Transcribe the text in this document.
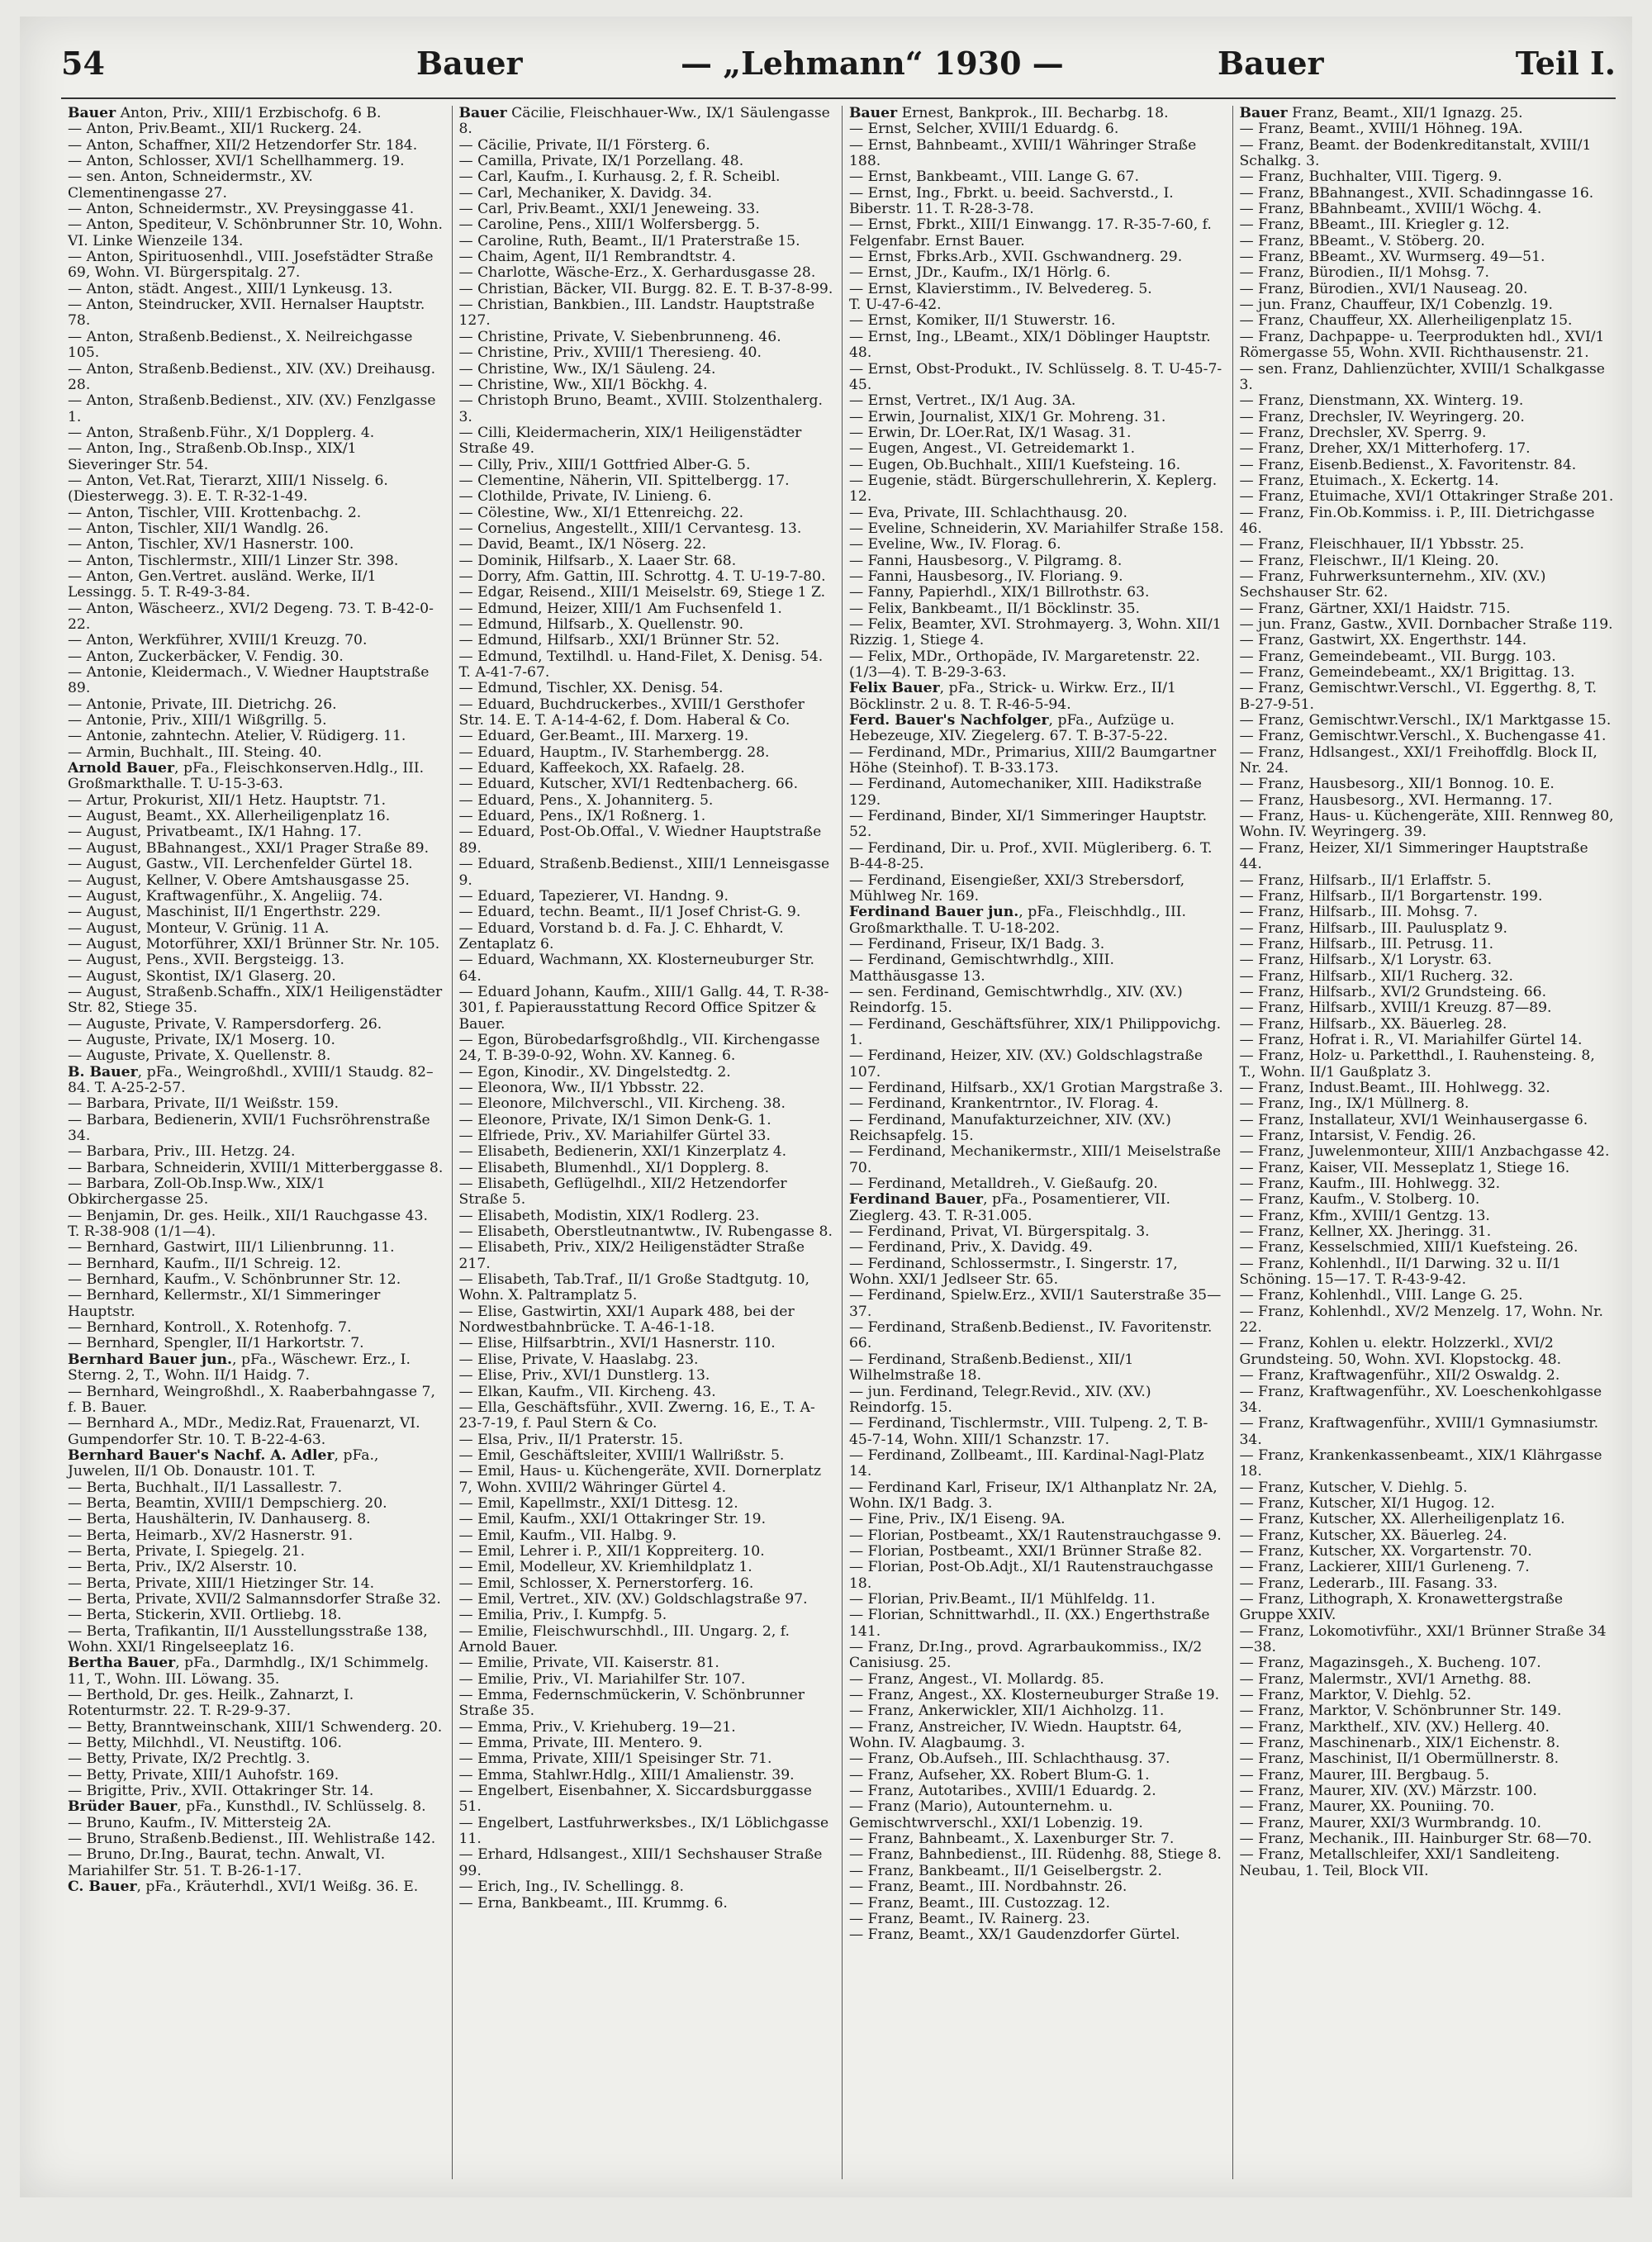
54	Bauer	— „Lehmann“ 1930 —	Bauer	Teil I.
Bauer Anton, Priv., XIII/1 Erzbischofg. 6 B.
— Anton, Priv.Beamt., XII/1 Ruckerg. 24.
— Anton, Schaffner, XII/2 Hetzendorfer Str. 184.
— Anton, Schlosser, XVI/1 Schellhammerg. 19.
— sen. Anton, Schneidermstr., XV. Clementinengasse 27.
— Anton, Schneidermstr., XV. Preysinggasse 41.
— Anton, Spediteur, V. Schönbrunner Str. 10, Wohn. VI. Linke Wienzeile 134.
— Anton, Spirituosenhdl., VIII. Josefstädter Straße 69, Wohn. VI. Bürgerspitalg. 27.
— Anton, städt. Angest., XIII/1 Lynkeusg. 13.
— Anton, Steindrucker, XVII. Hernalser Hauptstr. 78.
— Anton, Straßenb.Bedienst., X. Neilreichgasse 105.
— Anton, Straßenb.Bedienst., XIV. (XV.) Dreihausg. 28.
— Anton, Straßenb.Bedienst., XIV. (XV.) Fenzlgasse 1.
— Anton, Straßenb.Führ., X/1 Dopplerg. 4.
— Anton, Ing., Straßenb.Ob.Insp., XIX/1 Sieveringer Str. 54.
— Anton, Vet.Rat, Tierarzt, XIII/1 Nisselg. 6. (Diesterwegg. 3). E. T. R-32-1-49.
— Anton, Tischler, VIII. Krottenbachg. 2.
— Anton, Tischler, XII/1 Wandlg. 26.
— Anton, Tischler, XV/1 Hasnerstr. 100.
— Anton, Tischlermstr., XIII/1 Linzer Str. 398.
— Anton, Gen.Vertret. ausländ. Werke, II/1 Lessingg. 5. T. R-49-3-84.
— Anton, Wäscheerz., XVI/2 Degeng. 73. T. B-42-0-22.
— Anton, Werkführer, XVIII/1 Kreuzg. 70.
— Anton, Zuckerbäcker, V. Fendig. 30.
— Antonie, Kleidermach., V. Wiedner Hauptstraße 89.
— Antonie, Private, III. Dietrichg. 26.
— Antonie, Priv., XIII/1 Wißgrillg. 5.
— Antonie, zahntechn. Atelier, V. Rüdigerg. 11.
— Armin, Buchhalt., III. Steing. 40.
Arnold Bauer, pFa., Fleischkonserven.Hdlg., III. Großmarkthalle. T. U-15-3-63.
— Artur, Prokurist, XII/1 Hetz. Hauptstr. 71.
— August, Beamt., XX. Allerheiligenplatz 16.
— August, Privatbeamt., IX/1 Hahng. 17.
— August, BBahnangest., XXI/1 Prager Straße 89.
— August, Gastw., VII. Lerchenfelder Gürtel 18.
— August, Kellner, V. Obere Amtshausgasse 25.
— August, Kraftwagenführ., X. Angeliig. 74.
— August, Maschinist, II/1 Engerthstr. 229.
— August, Monteur, V. Grünig. 11 A.
— August, Motorführer, XXI/1 Brünner Str. Nr. 105.
— August, Pens., XVII. Bergsteigg. 13.
— August, Skontist, IX/1 Glaserg. 20.
— August, Straßenb.Schaffn., XIX/1 Heiligenstädter Str. 82, Stiege 35.
— Auguste, Private, V. Rampersdorferg. 26.
— Auguste, Private, IX/1 Moserg. 10.
— Auguste, Private, X. Quellenstr. 8.
B. Bauer, pFa., Weingroßhdl., XVIII/1 Staudg. 82–84. T. A-25-2-57.
— Barbara, Private, II/1 Weißstr. 159.
— Barbara, Bedienerin, XVII/1 Fuchsröhrenstraße 34.
— Barbara, Priv., III. Hetzg. 24.
— Barbara, Schneiderin, XVIII/1 Mitterberggasse 8.
— Barbara, Zoll-Ob.Insp.Ww., XIX/1 Obkirchergasse 25.
— Benjamin, Dr. ges. Heilk., XII/1 Rauchgasse 43. T. R-38-908 (1/1—4).
— Bernhard, Gastwirt, III/1 Lilienbrunng. 11.
— Bernhard, Kaufm., II/1 Schreig. 12.
— Bernhard, Kaufm., V. Schönbrunner Str. 12.
— Bernhard, Kellermstr., XI/1 Simmeringer Hauptstr.
— Bernhard, Kontroll., X. Rotenhofg. 7.
— Bernhard, Spengler, II/1 Harkortstr. 7.
Bernhard Bauer jun., pFa., Wäschewr. Erz., I. Sterng. 2, T., Wohn. II/1 Haidg. 7.
— Bernhard, Weingroßhdl., X. Raaberbahngasse 7, f. B. Bauer.
— Bernhard A., MDr., Mediz.Rat, Frauenarzt, VI. Gumpendorfer Str. 10. T. B-22-4-63.
Bernhard Bauer's Nachf. A. Adler, pFa., Juwelen, II/1 Ob. Donaustr. 101. T.
— Berta, Buchhalt., II/1 Lassallestr. 7.
— Berta, Beamtin, XVIII/1 Dempschierg. 20.
— Berta, Haushälterin, IV. Danhauserg. 8.
— Berta, Heimarb., XV/2 Hasnerstr. 91.
— Berta, Private, I. Spiegelg. 21.
— Berta, Priv., IX/2 Alserstr. 10.
— Berta, Private, XIII/1 Hietzinger Str. 14.
— Berta, Private, XVII/2 Salmannsdorfer Straße 32.
— Berta, Stickerin, XVII. Ortliebg. 18.
— Berta, Trafikantin, II/1 Ausstellungsstraße 138, Wohn. XXI/1 Ringelseeplatz 16.
Bertha Bauer, pFa., Darmhdlg., IX/1 Schimmelg. 11, T., Wohn. III. Löwang. 35.
— Berthold, Dr. ges. Heilk., Zahnarzt, I. Rotenturmstr. 22. T. R-29-9-37.
— Betty, Branntweinschank, XIII/1 Schwenderg. 20.
— Betty, Milchhdl., VI. Neustiftg. 106.
— Betty, Private, IX/2 Prechtlg. 3.
— Betty, Private, XIII/1 Auhofstr. 169.
— Brigitte, Priv., XVII. Ottakringer Str. 14.
Brüder Bauer, pFa., Kunsthdl., IV. Schlüsselg. 8.
— Bruno, Kaufm., IV. Mittersteig 2A.
— Bruno, Straßenb.Bedienst., III. Wehlistraße 142.
— Bruno, Dr.Ing., Baurat, techn. Anwalt, VI. Mariahilfer Str. 51. T. B-26-1-17.
C. Bauer, pFa., Kräuterhdl., XVI/1 Weißg. 36. E.
Bauer Cäcilie, Fleischhauer-Ww., IX/1 Säulengasse 8.
— Cäcilie, Private, II/1 Försterg. 6.
— Camilla, Private, IX/1 Porzellang. 48.
— Carl, Kaufm., I. Kurhausg. 2, f. R. Scheibl.
— Carl, Mechaniker, X. Davidg. 34.
— Carl, Priv.Beamt., XXI/1 Jeneweing. 33.
— Caroline, Pens., XIII/1 Wolfersbergg. 5.
— Caroline, Ruth, Beamt., II/1 Praterstraße 15.
— Chaim, Agent, II/1 Rembrandtstr. 4.
— Charlotte, Wäsche-Erz., X. Gerhardusgasse 28.
— Christian, Bäcker, VII. Burgg. 82. E. T. B-37-8-99.
— Christian, Bankbien., III. Landstr. Hauptstraße 127.
— Christine, Private, V. Siebenbrunneng. 46.
— Christine, Priv., XVIII/1 Theresieng. 40.
— Christine, Ww., IX/1 Säuleng. 24.
— Christine, Ww., XII/1 Böckhg. 4.
— Christoph Bruno, Beamt., XVIII. Stolzenthalerg. 3.
— Cilli, Kleidermacherin, XIX/1 Heiligenstädter Straße 49.
— Cilly, Priv., XIII/1 Gottfried Alber-G. 5.
— Clementine, Näherin, VII. Spittelbergg. 17.
— Clothilde, Private, IV. Linieng. 6.
— Cölestine, Ww., XI/1 Ettenreichg. 22.
— Cornelius, Angestellt., XIII/1 Cervantesg. 13.
— David, Beamt., IX/1 Nöserg. 22.
— Dominik, Hilfsarb., X. Laaer Str. 68.
— Dorry, Afm. Gattin, III. Schrottg. 4. T. U-19-7-80.
— Edgar, Reisend., XIII/1 Meiselstr. 69, Stiege 1 Z.
— Edmund, Heizer, XIII/1 Am Fuchsenfeld 1.
— Edmund, Hilfsarb., X. Quellenstr. 90.
— Edmund, Hilfsarb., XXI/1 Brünner Str. 52.
— Edmund, Textilhdl. u. Hand-Filet, X. Denisg. 54. T. A-41-7-67.
— Edmund, Tischler, XX. Denisg. 54.
— Eduard, Buchdruckerbes., XVIII/1 Gersthofer Str. 14. E. T. A-14-4-62, f. Dom. Haberal & Co.
— Eduard, Ger.Beamt., III. Marxerg. 19.
— Eduard, Hauptm., IV. Starhembergg. 28.
— Eduard, Kaffeekoch, XX. Rafaelg. 28.
— Eduard, Kutscher, XVI/1 Redtenbacherg. 66.
— Eduard, Pens., X. Johanniterg. 5.
— Eduard, Pens., IX/1 Roßnerg. 1.
— Eduard, Post-Ob.Offal., V. Wiedner Hauptstraße 89.
— Eduard, Straßenb.Bedienst., XIII/1 Lenneisgasse 9.
— Eduard, Tapezierer, VI. Handng. 9.
— Eduard, techn. Beamt., II/1 Josef Christ-G. 9.
— Eduard, Vorstand b. d. Fa. J. C. Ehhardt, V. Zentaplatz 6.
— Eduard, Wachmann, XX. Klosterneuburger Str. 64.
— Eduard Johann, Kaufm., XIII/1 Gallg. 44, T. R-38-301, f. Papierausstattung Record Office Spitzer & Bauer.
— Egon, Bürobedarfsgroßhdlg., VII. Kirchengasse 24, T. B-39-0-92, Wohn. XV. Kanneg. 6.
— Egon, Kinodir., XV. Dingelstedtg. 2.
— Eleonora, Ww., II/1 Ybbsstr. 22.
— Eleonore, Milchverschl., VII. Kircheng. 38.
— Eleonore, Private, IX/1 Simon Denk-G. 1.
— Elfriede, Priv., XV. Mariahilfer Gürtel 33.
— Elisabeth, Bedienerin, XXI/1 Kinzerplatz 4.
— Elisabeth, Blumenhdl., XI/1 Dopplerg. 8.
— Elisabeth, Geflügelhdl., XII/2 Hetzendorfer Straße 5.
— Elisabeth, Modistin, XIX/1 Rodlerg. 23.
— Elisabeth, Oberstleutnantwtw., IV. Rubengasse 8.
— Elisabeth, Priv., XIX/2 Heiligenstädter Straße 217.
— Elisabeth, Tab.Traf., II/1 Große Stadtgutg. 10, Wohn. X. Paltramplatz 5.
— Elise, Gastwirtin, XXI/1 Aupark 488, bei der Nordwestbahnbrücke. T. A-46-1-18.
— Elise, Hilfsarbtrin., XVI/1 Hasnerstr. 110.
— Elise, Private, V. Haaslabg. 23.
— Elise, Priv., XVI/1 Dunstlerg. 13.
— Elkan, Kaufm., VII. Kircheng. 43.
— Ella, Geschäftsführ., XVII. Zwerng. 16, E., T. A-23-7-19, f. Paul Stern & Co.
— Elsa, Priv., II/1 Praterstr. 15.
— Emil, Geschäftsleiter, XVIII/1 Wallrißstr. 5.
— Emil, Haus- u. Küchengeräte, XVII. Dornerplatz 7, Wohn. XVIII/2 Währinger Gürtel 4.
— Emil, Kapellmstr., XXI/1 Dittesg. 12.
— Emil, Kaufm., XXI/1 Ottakringer Str. 19.
— Emil, Kaufm., VII. Halbg. 9.
— Emil, Lehrer i. P., XII/1 Koppreiterg. 10.
— Emil, Modelleur, XV. Kriemhildplatz 1.
— Emil, Schlosser, X. Pernerstorferg. 16.
— Emil, Vertret., XIV. (XV.) Goldschlagstraße 97.
— Emilia, Priv., I. Kumpfg. 5.
— Emilie, Fleischwurschhdl., III. Ungarg. 2, f. Arnold Bauer.
— Emilie, Private, VII. Kaiserstr. 81.
— Emilie, Priv., VI. Mariahilfer Str. 107.
— Emma, Federnschmückerin, V. Schönbrunner Straße 35.
— Emma, Priv., V. Kriehuberg. 19—21.
— Emma, Private, III. Mentero. 9.
— Emma, Private, XIII/1 Speisinger Str. 71.
— Emma, Stahlwr.Hdlg., XIII/1 Amalienstr. 39.
— Engelbert, Eisenbahner, X. Siccardsburggasse 51.
— Engelbert, Lastfuhrwerksbes., IX/1 Löblichgasse 11.
— Erhard, Hdlsangest., XIII/1 Sechshauser Straße 99.
— Erich, Ing., IV. Schellingg. 8.
— Erna, Bankbeamt., III. Krummg. 6.
Bauer Ernest, Bankprok., III. Becharbg. 18.
— Ernst, Selcher, XVIII/1 Eduardg. 6.
— Ernst, Bahnbeamt., XVIII/1 Währinger Straße 188.
— Ernst, Bankbeamt., VIII. Lange G. 67.
— Ernst, Ing., Fbrkt. u. beeid. Sachverstd., I. Biberstr. 11. T. R-28-3-78.
— Ernst, Fbrkt., XIII/1 Einwangg. 17. R-35-7-60, f. Felgenfabr. Ernst Bauer.
— Ernst, Fbrks.Arb., XVII. Gschwandnerg. 29.
— Ernst, JDr., Kaufm., IX/1 Hörlg. 6.
— Ernst, Klavierstimm., IV. Belvedereg. 5.
T. U-47-6-42.
— Ernst, Komiker, II/1 Stuwerstr. 16.
— Ernst, Ing., LBeamt., XIX/1 Döblinger Hauptstr. 48.
— Ernst, Obst-Produkt., IV. Schlüsselg. 8. T. U-45-7-45.
— Ernst, Vertret., IX/1 Aug. 3A.
— Erwin, Journalist, XIX/1 Gr. Mohreng. 31.
— Erwin, Dr. LOer.Rat, IX/1 Wasag. 31.
— Eugen, Angest., VI. Getreidemarkt 1.
— Eugen, Ob.Buchhalt., XIII/1 Kuefsteing. 16.
— Eugenie, städt. Bürgerschullehrerin, X. Keplerg. 12.
— Eva, Private, III. Schlachthausg. 20.
— Eveline, Schneiderin, XV. Mariahilfer Straße 158.
— Eveline, Ww., IV. Florag. 6.
— Fanni, Hausbesorg., V. Pilgramg. 8.
— Fanni, Hausbesorg., IV. Floriang. 9.
— Fanny, Papierhdl., XIX/1 Billrothstr. 63.
— Felix, Bankbeamt., II/1 Böcklinstr. 35.
— Felix, Beamter, XVI. Strohmayerg. 3, Wohn. XII/1 Rizzig. 1, Stiege 4.
— Felix, MDr., Orthopäde, IV. Margaretenstr. 22. (1/3—4). T. B-29-3-63.
Felix Bauer, pFa., Strick- u. Wirkw. Erz., II/1 Böcklinstr. 2 u. 8. T. R-46-5-94.
Ferd. Bauer's Nachfolger, pFa., Aufzüge u. Hebezeuge, XIV. Ziegelerg. 67. T. B-37-5-22.
— Ferdinand, MDr., Primarius, XIII/2 Baumgartner Höhe (Steinhof). T. B-33.173.
— Ferdinand, Automechaniker, XIII. Hadikstraße 129.
— Ferdinand, Binder, XI/1 Simmeringer Hauptstr. 52.
— Ferdinand, Dir. u. Prof., XVII. Mügleriberg. 6. T. B-44-8-25.
— Ferdinand, Eisengießer, XXI/3 Strebersdorf, Mühlweg Nr. 169.
Ferdinand Bauer jun., pFa., Fleischhdlg., III. Großmarkthalle. T. U-18-202.
— Ferdinand, Friseur, IX/1 Badg. 3.
— Ferdinand, Gemischtwrhdlg., XIII. Matthäusgasse 13.
— sen. Ferdinand, Gemischtwrhdlg., XIV. (XV.) Reindorfg. 15.
— Ferdinand, Geschäftsführer, XIX/1 Philippovichg. 1.
— Ferdinand, Heizer, XIV. (XV.) Goldschlagstraße 107.
— Ferdinand, Hilfsarb., XX/1 Grotian Margstraße 3.
— Ferdinand, Krankentrntor., IV. Florag. 4.
— Ferdinand, Manufakturzeichner, XIV. (XV.) Reichsapfelg. 15.
— Ferdinand, Mechanikermstr., XIII/1 Meiselstraße 70.
— Ferdinand, Metalldreh., V. Gießaufg. 20.
Ferdinand Bauer, pFa., Posamentierer, VII. Zieglerg. 43. T. R-31.005.
— Ferdinand, Privat, VI. Bürgerspitalg. 3.
— Ferdinand, Priv., X. Davidg. 49.
— Ferdinand, Schlossermstr., I. Singerstr. 17, Wohn. XXI/1 Jedlseer Str. 65.
— Ferdinand, Spielw.Erz., XVII/1 Sauterstraße 35—37.
— Ferdinand, Straßenb.Bedienst., IV. Favoritenstr. 66.
— Ferdinand, Straßenb.Bedienst., XII/1 Wilhelmstraße 18.
— jun. Ferdinand, Telegr.Revid., XIV. (XV.) Reindorfg. 15.
— Ferdinand, Tischlermstr., VIII. Tulpeng. 2, T. B-45-7-14, Wohn. XIII/1 Schanzstr. 17.
— Ferdinand, Zollbeamt., III. Kardinal-Nagl-Platz 14.
— Ferdinand Karl, Friseur, IX/1 Althanplatz Nr. 2A, Wohn. IX/1 Badg. 3.
— Fine, Priv., IX/1 Eiseng. 9A.
— Florian, Postbeamt., XX/1 Rautenstrauchgasse 9.
— Florian, Postbeamt., XXI/1 Brünner Straße 82.
— Florian, Post-Ob.Adjt., XI/1 Rautenstrauchgasse 18.
— Florian, Priv.Beamt., II/1 Mühlfeldg. 11.
— Florian, Schnittwarhdl., II. (XX.) Engerthstraße 141.
— Franz, Dr.Ing., provd. Agrarbaukommiss., IX/2 Canisiusg. 25.
— Franz, Angest., VI. Mollardg. 85.
— Franz, Angest., XX. Klosterneuburger Straße 19.
— Franz, Ankerwickler, XII/1 Aichholzg. 11.
— Franz, Anstreicher, IV. Wiedn. Hauptstr. 64, Wohn. IV. Alagbaumg. 3.
— Franz, Ob.Aufseh., III. Schlachthausg. 37.
— Franz, Aufseher, XX. Robert Blum-G. 1.
— Franz, Autotaribes., XVIII/1 Eduardg. 2.
— Franz (Mario), Autounternehm. u. Gemischtwrverschl., XXI/1 Lobenzig. 19.
— Franz, Bahnbeamt., X. Laxenburger Str. 7.
— Franz, Bahnbedienst., III. Rüdenhg. 88, Stiege 8.
— Franz, Bankbeamt., II/1 Geiselbergstr. 2.
— Franz, Beamt., III. Nordbahnstr. 26.
— Franz, Beamt., III. Custozzag. 12.
— Franz, Beamt., IV. Rainerg. 23.
— Franz, Beamt., XX/1 Gaudenzdorfer Gürtel.
Bauer Franz, Beamt., XII/1 Ignazg. 25.
— Franz, Beamt., XVIII/1 Höhneg. 19A.
— Franz, Beamt. der Bodenkreditanstalt, XVIII/1 Schalkg. 3.
— Franz, Buchhalter, VIII. Tigerg. 9.
— Franz, BBahnangest., XVII. Schadinngasse 16.
— Franz, BBahnbeamt., XVIII/1 Wöchg. 4.
— Franz, BBeamt., III. Kriegler g. 12.
— Franz, BBeamt., V. Stöberg. 20.
— Franz, BBeamt., XV. Wurmserg. 49—51.
— Franz, Bürodien., II/1 Mohsg. 7.
— Franz, Bürodien., XVI/1 Nauseag. 20.
— jun. Franz, Chauffeur, IX/1 Cobenzlg. 19.
— Franz, Chauffeur, XX. Allerheiligenplatz 15.
— Franz, Dachpappe- u. Teerprodukten hdl., XVI/1 Römergasse 55, Wohn. XVII. Richthausenstr. 21.
— sen. Franz, Dahlienzüchter, XVIII/1 Schalkgasse 3.
— Franz, Dienstmann, XX. Winterg. 19.
— Franz, Drechsler, IV. Weyringerg. 20.
— Franz, Drechsler, XV. Sperrg. 9.
— Franz, Dreher, XX/1 Mitterhoferg. 17.
— Franz, Eisenb.Bedienst., X. Favoritenstr. 84.
— Franz, Etuimach., X. Eckertg. 14.
— Franz, Etuimache, XVI/1 Ottakringer Straße 201.
— Franz, Fin.Ob.Kommiss. i. P., III. Dietrichgasse 46.
— Franz, Fleischhauer, II/1 Ybbsstr. 25.
— Franz, Fleischwr., II/1 Kleing. 20.
— Franz, Fuhrwerksunternehm., XIV. (XV.) Sechshauser Str. 62.
— Franz, Gärtner, XXI/1 Haidstr. 715.
— jun. Franz, Gastw., XVII. Dornbacher Straße 119.
— Franz, Gastwirt, XX. Engerthstr. 144.
— Franz, Gemeindebeamt., VII. Burgg. 103.
— Franz, Gemeindebeamt., XX/1 Brigittag. 13.
— Franz, Gemischtwr.Verschl., VI. Eggerthg. 8, T. B-27-9-51.
— Franz, Gemischtwr.Verschl., IX/1 Marktgasse 15.
— Franz, Gemischtwr.Verschl., X. Buchengasse 41.
— Franz, Hdlsangest., XXI/1 Freihoffdlg. Block II, Nr. 24.
— Franz, Hausbesorg., XII/1 Bonnog. 10. E.
— Franz, Hausbesorg., XVI. Hermanng. 17.
— Franz, Haus- u. Küchengeräte, XIII. Rennweg 80, Wohn. IV. Weyringerg. 39.
— Franz, Heizer, XI/1 Simmeringer Hauptstraße 44.
— Franz, Hilfsarb., II/1 Erlaffstr. 5.
— Franz, Hilfsarb., II/1 Borgartenstr. 199.
— Franz, Hilfsarb., III. Mohsg. 7.
— Franz, Hilfsarb., III. Paulusplatz 9.
— Franz, Hilfsarb., III. Petrusg. 11.
— Franz, Hilfsarb., X/1 Lorystr. 63.
— Franz, Hilfsarb., XII/1 Rucherg. 32.
— Franz, Hilfsarb., XVI/2 Grundsteing. 66.
— Franz, Hilfsarb., XVIII/1 Kreuzg. 87—89.
— Franz, Hilfsarb., XX. Bäuerleg. 28.
— Franz, Hofrat i. R., VI. Mariahilfer Gürtel 14.
— Franz, Holz- u. Parketthdl., I. Rauhensteing. 8, T., Wohn. II/1 Gaußplatz 3.
— Franz, Indust.Beamt., III. Hohlwegg. 32.
— Franz, Ing., IX/1 Müllnerg. 8.
— Franz, Installateur, XVI/1 Weinhausergasse 6.
— Franz, Intarsist, V. Fendig. 26.
— Franz, Juwelenmonteur, XIII/1 Anzbachgasse 42.
— Franz, Kaiser, VII. Messeplatz 1, Stiege 16.
— Franz, Kaufm., III. Hohlwegg. 32.
— Franz, Kaufm., V. Stolberg. 10.
— Franz, Kfm., XVIII/1 Gentzg. 13.
— Franz, Kellner, XX. Jheringg. 31.
— Franz, Kesselschmied, XIII/1 Kuefsteing. 26.
— Franz, Kohlenhdl., II/1 Darwing. 32 u. II/1 Schöning. 15—17. T. R-43-9-42.
— Franz, Kohlenhdl., VIII. Lange G. 25.
— Franz, Kohlenhdl., XV/2 Menzelg. 17, Wohn. Nr. 22.
— Franz, Kohlen u. elektr. Holzzerkl., XVI/2 Grundsteing. 50, Wohn. XVI. Klopstockg. 48.
— Franz, Kraftwagenführ., XII/2 Oswaldg. 2.
— Franz, Kraftwagenführ., XV. Loeschenkohlgasse 34.
— Franz, Kraftwagenführ., XVIII/1 Gymnasiumstr. 34.
— Franz, Krankenkassenbeamt., XIX/1 Klährgasse 18.
— Franz, Kutscher, V. Diehlg. 5.
— Franz, Kutscher, XI/1 Hugog. 12.
— Franz, Kutscher, XX. Allerheiligenplatz 16.
— Franz, Kutscher, XX. Bäuerleg. 24.
— Franz, Kutscher, XX. Vorgartenstr. 70.
— Franz, Lackierer, XIII/1 Gurleneng. 7.
— Franz, Lederarb., III. Fasang. 33.
— Franz, Lithograph, X. Kronawettergstraße Gruppe XXIV.
— Franz, Lokomotivführ., XXI/1 Brünner Straße 34—38.
— Franz, Magazinsgeh., X. Bucheng. 107.
— Franz, Malermstr., XVI/1 Arnethg. 88.
— Franz, Marktor, V. Diehlg. 52.
— Franz, Marktor, V. Schönbrunner Str. 149.
— Franz, Markthelf., XIV. (XV.) Hellerg. 40.
— Franz, Maschinenarb., XIX/1 Eichenstr. 8.
— Franz, Maschinist, II/1 Obermüllnerstr. 8.
— Franz, Maurer, III. Bergbaug. 5.
— Franz, Maurer, XIV. (XV.) Märzstr. 100.
— Franz, Maurer, XX. Pouniing. 70.
— Franz, Maurer, XXI/3 Wurmbrandg. 10.
— Franz, Mechanik., III. Hainburger Str. 68—70.
— Franz, Metallschleifer, XXI/1 Sandleiteng. Neubau, 1. Teil, Block VII.
